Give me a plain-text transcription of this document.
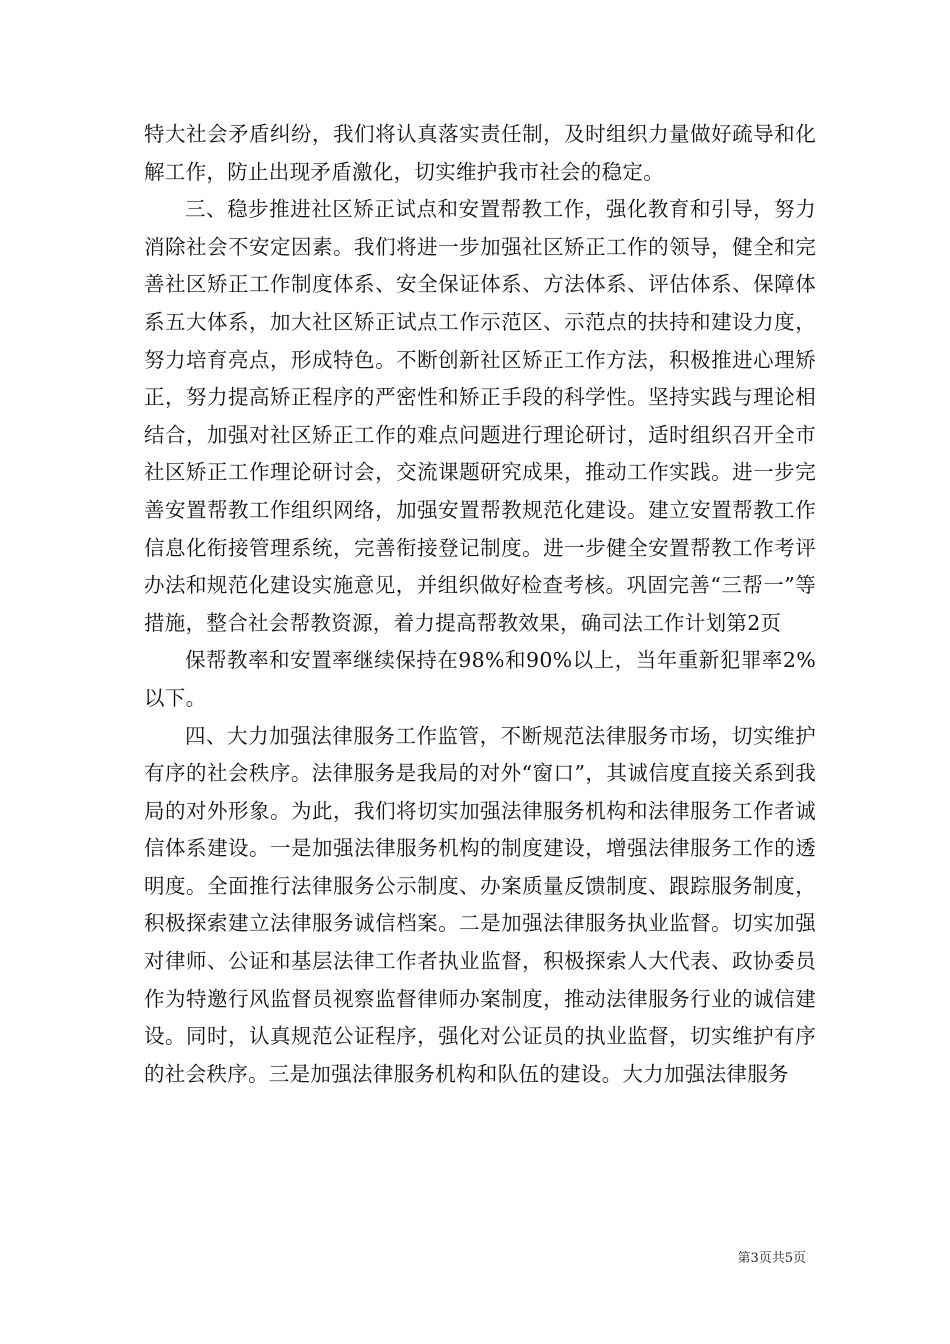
特大社会矛盾纠纷，我们将认真落实责任制，及时组织力量做好疏导和化解工作，防止出现矛盾激化，切实维护我市社会的稳定。

三、稳步推进社区矫正试点和安置帮教工作，强化教育和引导，努力消除社会不安定因素。我们将进一步加强社区矫正工作的领导，健全和完善社区矫正工作制度体系、安全保证体系、方法体系、评估体系、保障体系五大体系，加大社区矫正试点工作示范区、示范点的扶持和建设力度，努力培育亮点，形成特色。不断创新社区矫正工作方法，积极推进心理矫正，努力提高矫正程序的严密性和矫正手段的科学性。坚持实践与理论相结合，加强对社区矫正工作的难点问题进行理论研讨，适时组织召开全市社区矫正工作理论研讨会，交流课题研究成果，推动工作实践。进一步完善安置帮教工作组织网络，加强安置帮教规范化建设。建立安置帮教工作信息化衔接管理系统，完善衔接登记制度。进一步健全安置帮教工作考评办法和规范化建设实施意见，并组织做好检查考核。巩固完善“三帮一”等措施，整合社会帮教资源，着力提高帮教效果，确司法工作计划第2页

保帮教率和安置率继续保持在98%和90%以上，当年重新犯罪率2%以下。

四、大力加强法律服务工作监管，不断规范法律服务市场，切实维护有序的社会秩序。法律服务是我局的对外“窗口”，其诚信度直接关系到我局的对外形象。为此，我们将切实加强法律服务机构和法律服务工作者诚信体系建设。一是加强法律服务机构的制度建设，增强法律服务工作的透明度。全面推行法律服务公示制度、办案质量反馈制度、跟踪服务制度，积极探索建立法律服务诚信档案。二是加强法律服务执业监督。切实加强对律师、公证和基层法律工作者执业监督，积极探索人大代表、政协委员作为特邀行风监督员视察监督律师办案制度，推动法律服务行业的诚信建设。同时，认真规范公证程序，强化对公证员的执业监督，切实维护有序的社会秩序。三是加强法律服务机构和队伍的建设。大力加强法律服务

第3页共5页
